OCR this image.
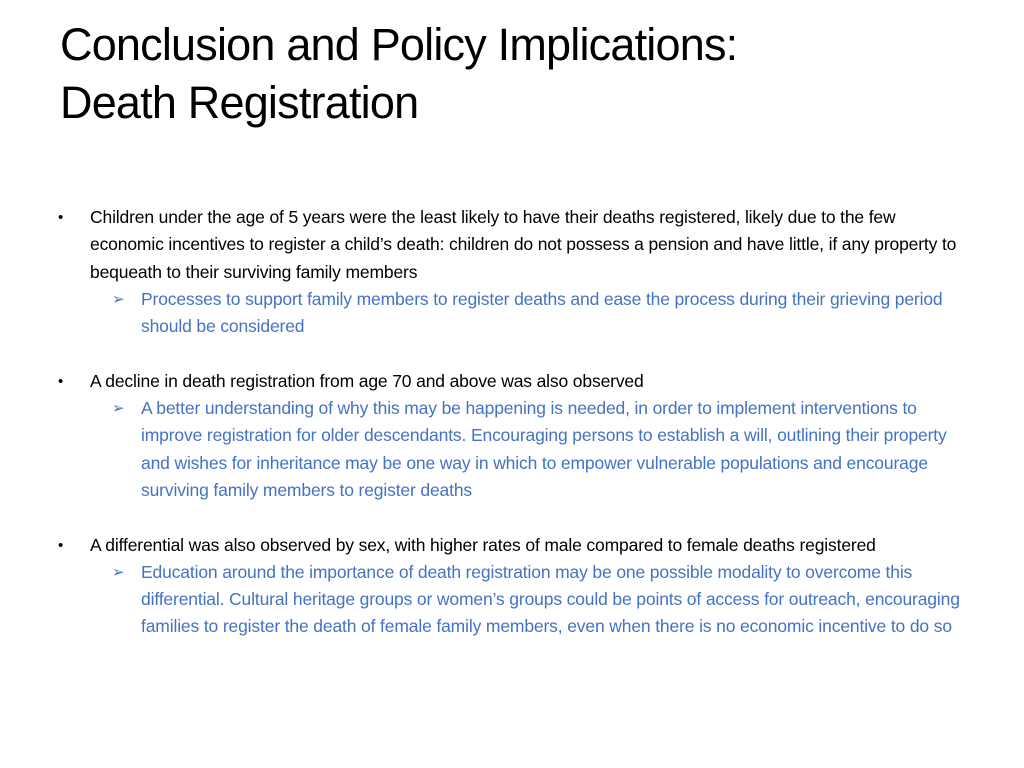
Conclusion and Policy Implications:
Death Registration
• Children under the age of 5 years were the least likely to have their deaths registered, likely due to the few economic incentives to register a child’s death: children do not possess a pension and have little, if any property to bequeath to their surviving family members
➢ Processes to support family members to register deaths and ease the process during their grieving period should be considered
• A decline in death registration from age 70 and above was also observed
➢ A better understanding of why this may be happening is needed, in order to implement interventions to improve registration for older descendants. Encouraging persons to establish a will, outlining their property and wishes for inheritance may be one way in which to empower vulnerable populations and encourage surviving family members to register deaths
• A differential was also observed by sex, with higher rates of male compared to female deaths registered
➢ Education around the importance of death registration may be one possible modality to overcome this differential. Cultural heritage groups or women’s groups could be points of access for outreach, encouraging families to register the death of female family members, even when there is no economic incentive to do so
